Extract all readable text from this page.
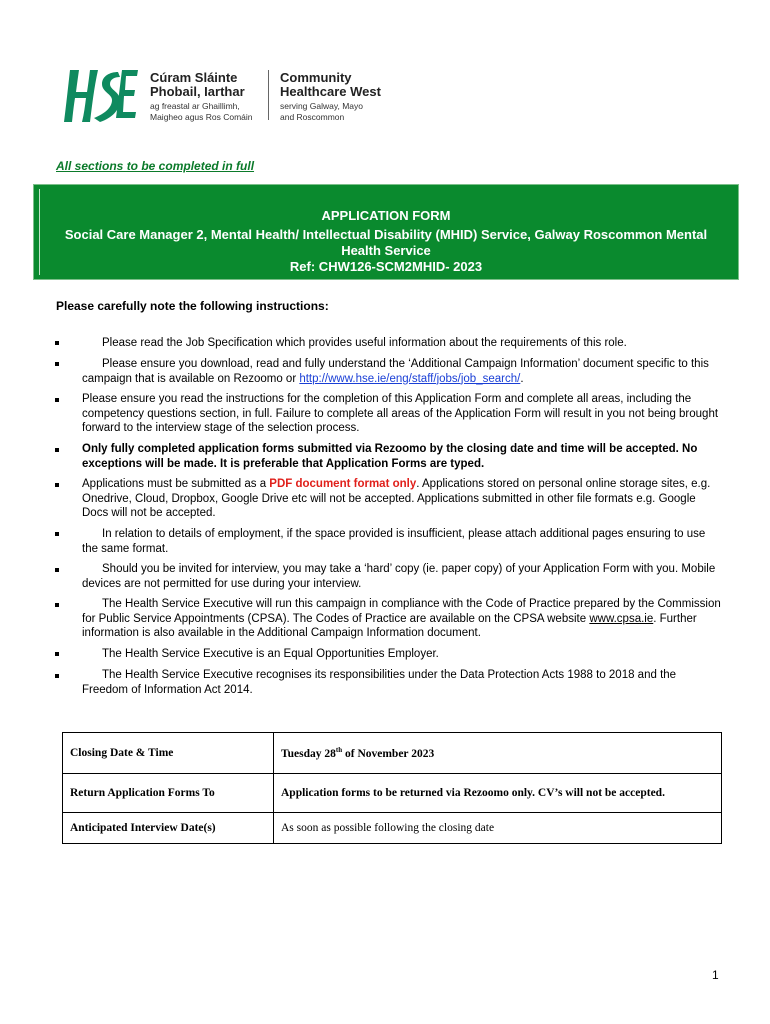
Cúram Sláinte
Phobail, Iarthar
ag freastal ar Ghaillimh,
Maigheo agus Ros Comáin
Community
Healthcare West
serving Galway, Mayo
and Roscommon
All sections to be completed in full
APPLICATION FORM
Social Care Manager 2, Mental Health/ Intellectual Disability (MHID) Service, Galway Roscommon Mental Health Service
Ref: CHW126-SCM2MHID- 2023
Please carefully note the following instructions:
Please read the Job Specification which provides useful information about the requirements of this role.
Please ensure you download, read and fully understand the ‘Additional Campaign Information’ document specific to this campaign that is available on Rezoomo or http://www.hse.ie/eng/staff/jobs/job_search/.
Please ensure you read the instructions for the completion of this Application Form and complete all areas, including the competency questions section, in full. Failure to complete all areas of the Application Form will result in you not being brought forward to the interview stage of the selection process.
Only fully completed application forms submitted via Rezoomo by the closing date and time will be accepted. No exceptions will be made. It is preferable that Application Forms are typed.
Applications must be submitted as a PDF document format only. Applications stored on personal online storage sites, e.g. Onedrive, Cloud, Dropbox, Google Drive etc will not be accepted. Applications submitted in other file formats e.g. Google Docs will not be accepted.
In relation to details of employment, if the space provided is insufficient, please attach additional pages ensuring to use the same format.
Should you be invited for interview, you may take a ‘hard’ copy (ie. paper copy) of your Application Form with you. Mobile devices are not permitted for use during your interview.
The Health Service Executive will run this campaign in compliance with the Code of Practice prepared by the Commission for Public Service Appointments (CPSA). The Codes of Practice are available on the CPSA website www.cpsa.ie. Further information is also available in the Additional Campaign Information document.
The Health Service Executive is an Equal Opportunities Employer.
The Health Service Executive recognises its responsibilities under the Data Protection Acts 1988 to 2018 and the Freedom of Information Act 2014.
Closing Date & Time	Tuesday 28th of November 2023
Return Application Forms To	Application forms to be returned via Rezoomo only. CV’s will not be accepted.
Anticipated Interview Date(s)	As soon as possible following the closing date
1
